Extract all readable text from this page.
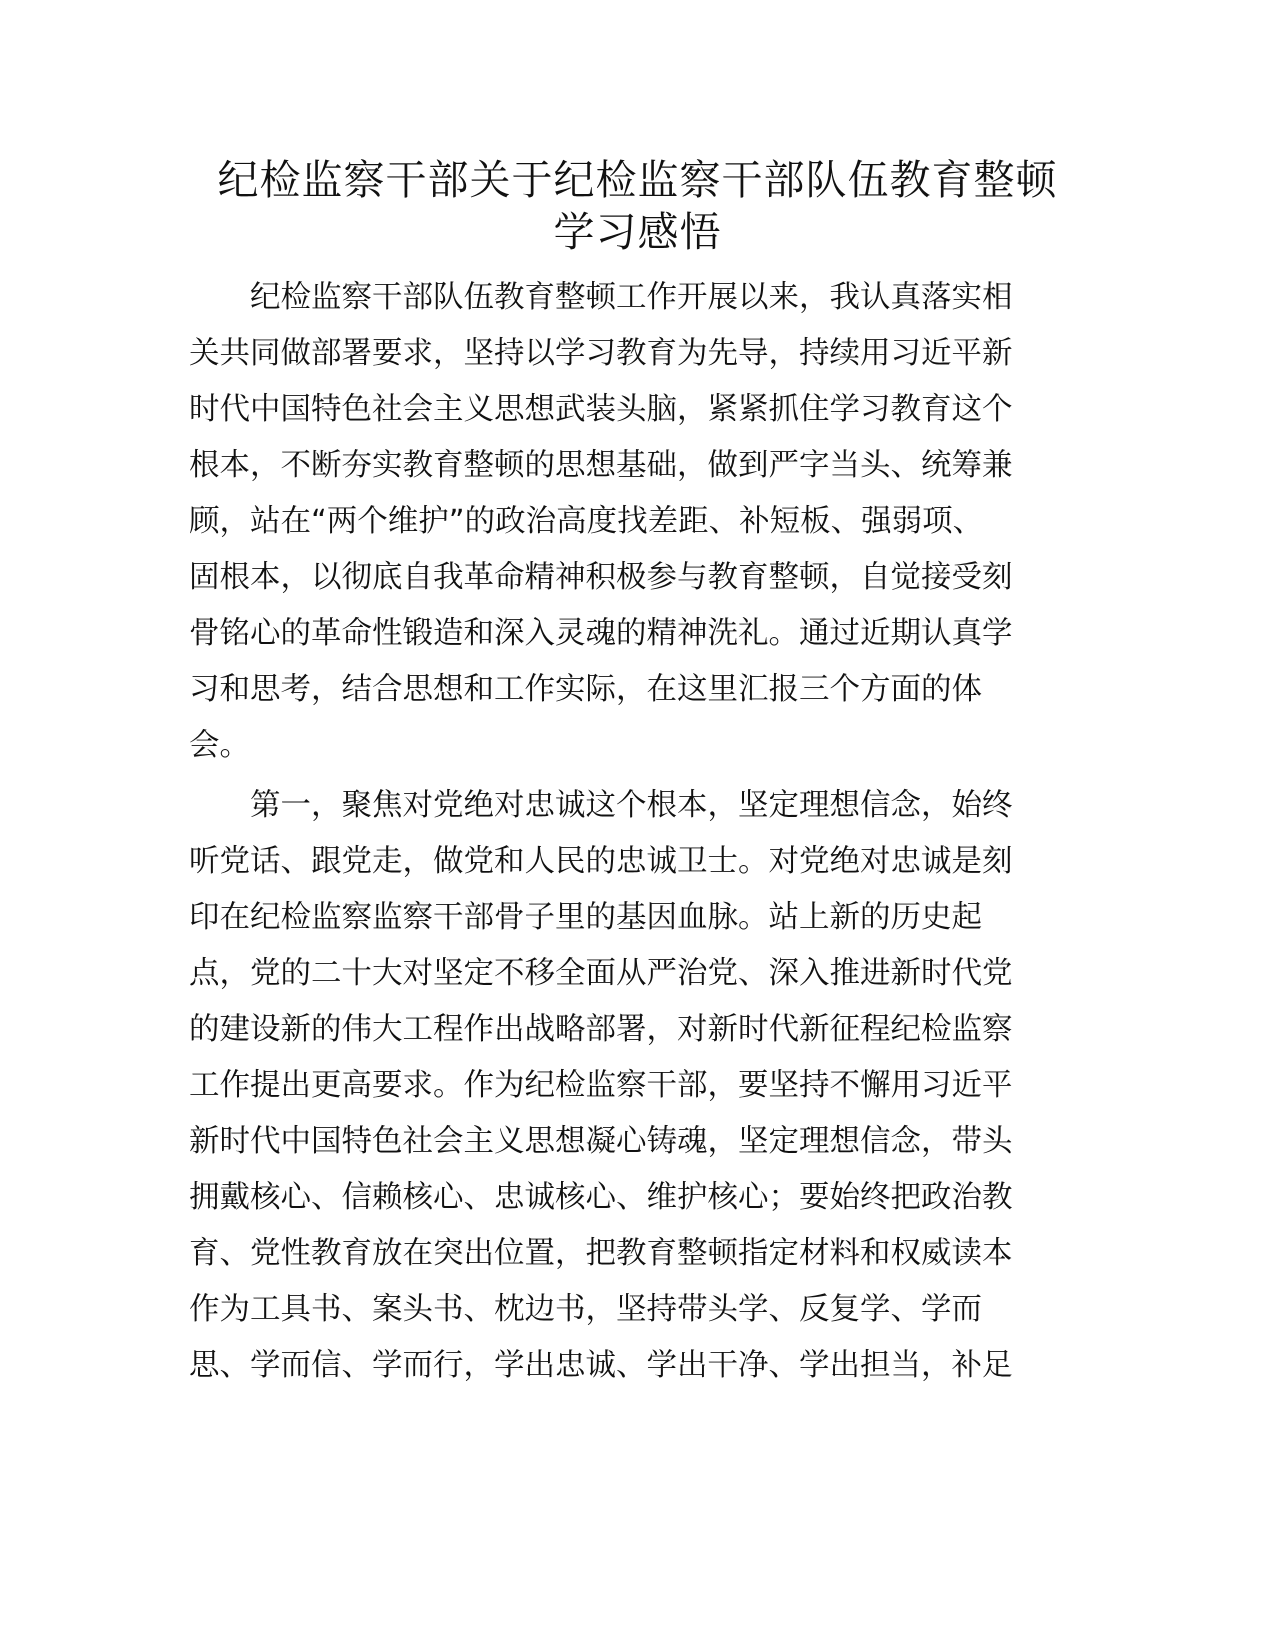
纪检监察干部关于纪检监察干部队伍教育整顿
学习感悟
　　纪检监察干部队伍教育整顿工作开展以来，我认真落实相
关共同做部署要求，坚持以学习教育为先导，持续用习近平新
时代中国特色社会主义思想武装头脑，紧紧抓住学习教育这个
根本，不断夯实教育整顿的思想基础，做到严字当头、统筹兼
顾，站在“两个维护”的政治高度找差距、补短板、强弱项、
固根本，以彻底自我革命精神积极参与教育整顿，自觉接受刻
骨铭心的革命性锻造和深入灵魂的精神洗礼。通过近期认真学
习和思考，结合思想和工作实际，在这里汇报三个方面的体
会。
　　第一，聚焦对党绝对忠诚这个根本，坚定理想信念，始终
听党话、跟党走，做党和人民的忠诚卫士。对党绝对忠诚是刻
印在纪检监察监察干部骨子里的基因血脉。站上新的历史起
点，党的二十大对坚定不移全面从严治党、深入推进新时代党
的建设新的伟大工程作出战略部署，对新时代新征程纪检监察
工作提出更高要求。作为纪检监察干部，要坚持不懈用习近平
新时代中国特色社会主义思想凝心铸魂，坚定理想信念，带头
拥戴核心、信赖核心、忠诚核心、维护核心；要始终把政治教
育、党性教育放在突出位置，把教育整顿指定材料和权威读本
作为工具书、案头书、枕边书，坚持带头学、反复学、学而
思、学而信、学而行，学出忠诚、学出干净、学出担当，补足
